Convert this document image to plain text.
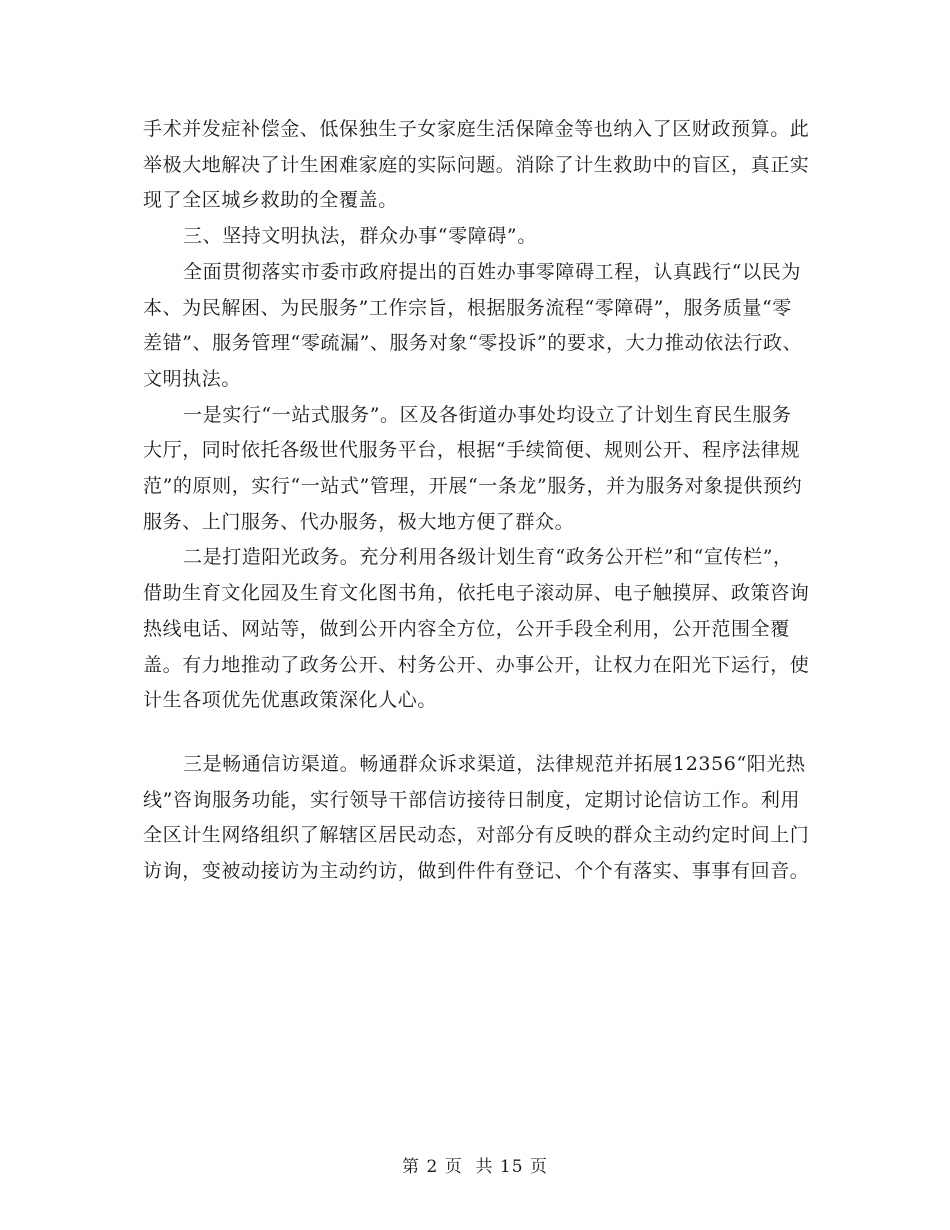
手术并发症补偿金、低保独生子女家庭生活保障金等也纳入了区财政预算。此举极大地解决了计生困难家庭的实际问题。消除了计生救助中的盲区，真正实现了全区城乡救助的全覆盖。

三、坚持文明执法，群众办事“零障碍”。

全面贯彻落实市委市政府提出的百姓办事零障碍工程，认真践行“以民为本、为民解困、为民服务”工作宗旨，根据服务流程“零障碍”，服务质量“零差错”、服务管理“零疏漏”、服务对象“零投诉”的要求，大力推动依法行政、文明执法。

一是实行“一站式服务”。区及各街道办事处均设立了计划生育民生服务大厅，同时依托各级世代服务平台，根据“手续简便、规则公开、程序法律规范”的原则，实行“一站式”管理，开展“一条龙”服务，并为服务对象提供预约服务、上门服务、代办服务，极大地方便了群众。

二是打造阳光政务。充分利用各级计划生育“政务公开栏”和“宣传栏”，借助生育文化园及生育文化图书角，依托电子滚动屏、电子触摸屏、政策咨询热线电话、网站等，做到公开内容全方位，公开手段全利用，公开范围全覆盖。有力地推动了政务公开、村务公开、办事公开，让权力在阳光下运行，使计生各项优先优惠政策深化人心。

三是畅通信访渠道。畅通群众诉求渠道，法律规范并拓展12356“阳光热线”咨询服务功能，实行领导干部信访接待日制度，定期讨论信访工作。利用全区计生网络组织了解辖区居民动态，对部分有反映的群众主动约定时间上门访询，变被动接访为主动约访，做到件件有登记、个个有落实、事事有回音。

第 2 页  共 15 页
